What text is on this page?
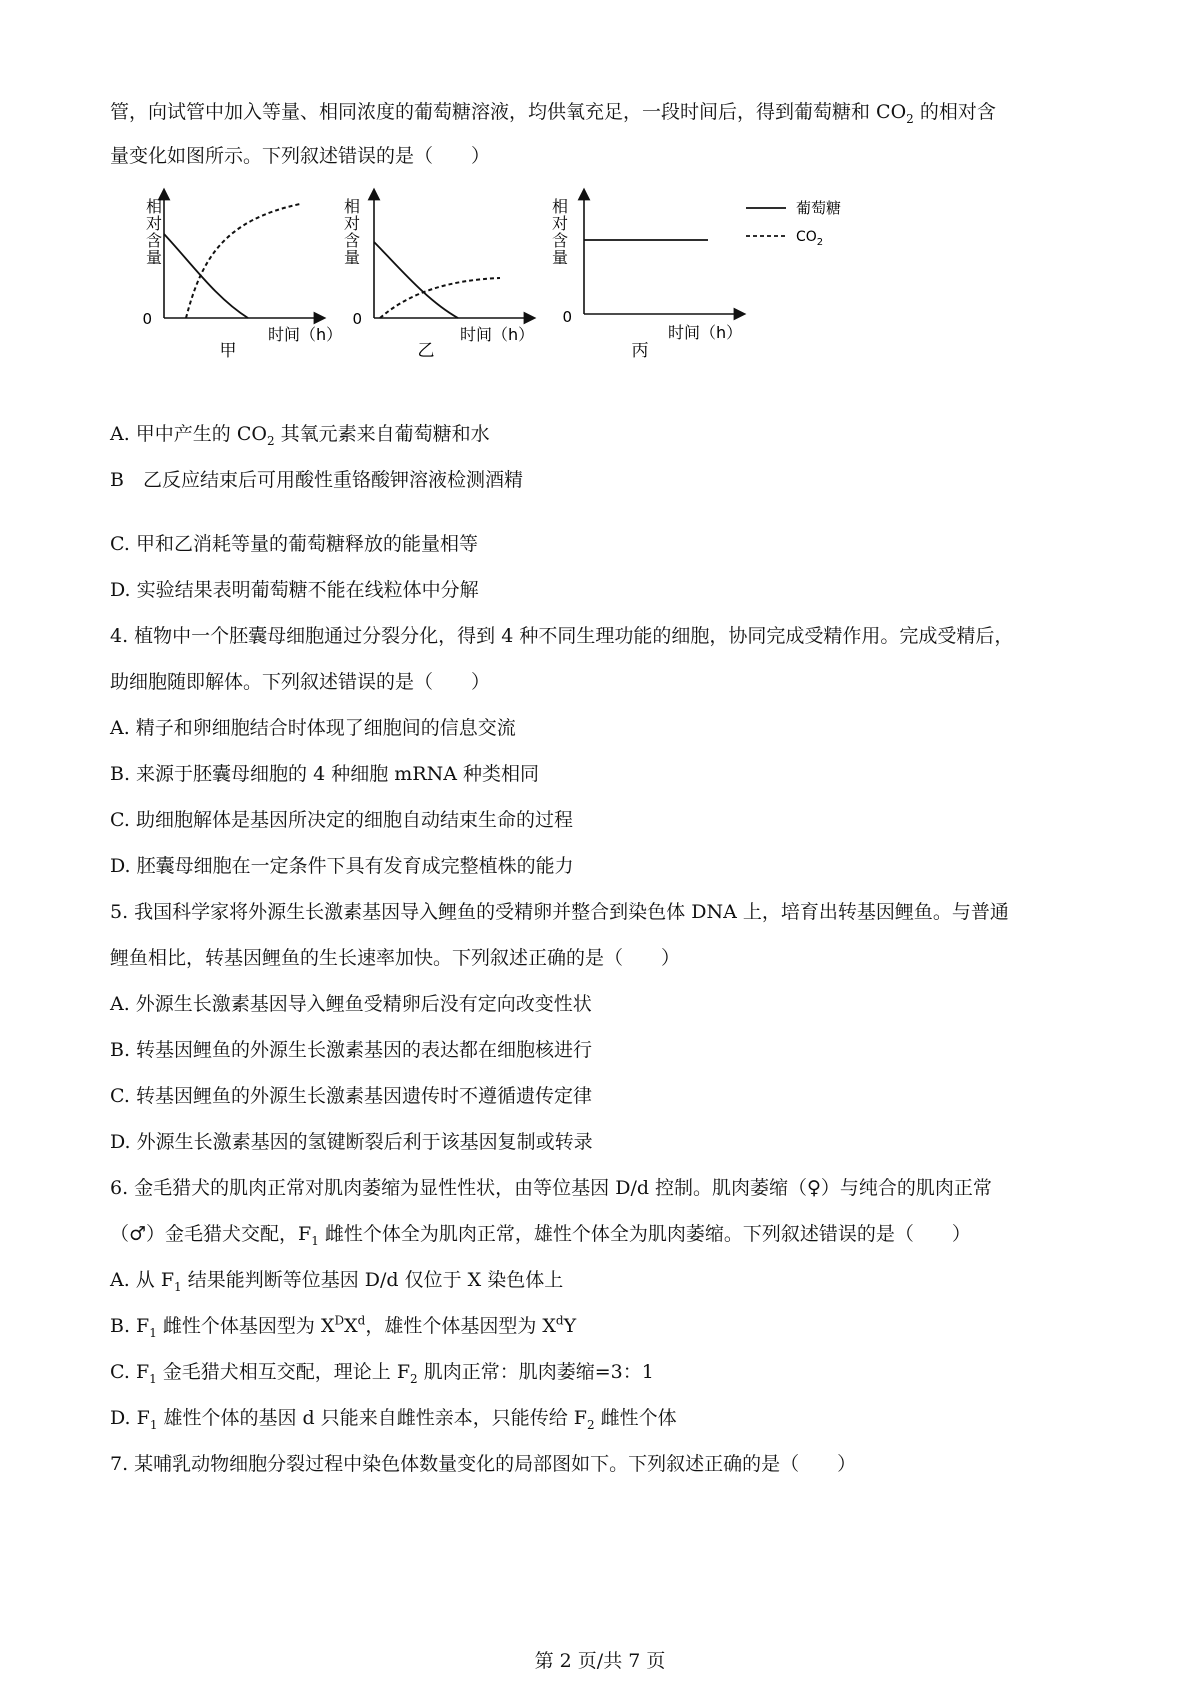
管，向试管中加入等量、相同浓度的葡萄糖溶液，均供氧充足，一段时间后，得到葡萄糖和 $CO_2$ 的相对含
量变化如图所示。下列叙述错误的是（　　）
0
时间（h）
甲
相
对
含
量
0
时间（h）
乙
相
对
含
量
0
时间（h）
丙
相
对
含
量
葡萄糖
$CO_2$
A. 甲中产生的 $CO_2$ 其氧元素来自葡萄糖和水
B　乙反应结束后可用酸性重铬酸钾溶液检测酒精
C. 甲和乙消耗等量的葡萄糖释放的能量相等
D. 实验结果表明葡萄糖不能在线粒体中分解
4. 植物中一个胚囊母细胞通过分裂分化，得到 4 种不同生理功能的细胞，协同完成受精作用。完成受精后，
助细胞随即解体。下列叙述错误的是（　　）
A. 精子和卵细胞结合时体现了细胞间的信息交流
B. 来源于胚囊母细胞的 4 种细胞 mRNA 种类相同
C. 助细胞解体是基因所决定的细胞自动结束生命的过程
D. 胚囊母细胞在一定条件下具有发育成完整植株的能力
5. 我国科学家将外源生长激素基因导入鲤鱼的受精卵并整合到染色体 DNA 上，培育出转基因鲤鱼。与普通
鲤鱼相比，转基因鲤鱼的生长速率加快。下列叙述正确的是（　　）
A. 外源生长激素基因导入鲤鱼受精卵后没有定向改变性状
B. 转基因鲤鱼的外源生长激素基因的表达都在细胞核进行
C. 转基因鲤鱼的外源生长激素基因遗传时不遵循遗传定律
D. 外源生长激素基因的氢键断裂后利于该基因复制或转录
6. 金毛猎犬的肌肉正常对肌肉萎缩为显性性状，由等位基因 D/d 控制。肌肉萎缩（♀）与纯合的肌肉正常
（♂）金毛猎犬交配，$F_1$ 雌性个体全为肌肉正常，雄性个体全为肌肉萎缩。下列叙述错误的是（　　）
A. 从 $F_1$ 结果能判断等位基因 D/d 仅位于 X 染色体上
B. $F_1$ 雌性个体基因型为 $X^DX^d$，雄性个体基因型为 $X^dY$
C. $F_1$ 金毛猎犬相互交配，理论上 $F_2$ 肌肉正常：肌肉萎缩=3：1
D. $F_1$ 雄性个体的基因 d 只能来自雌性亲本，只能传给 $F_2$ 雌性个体
7. 某哺乳动物细胞分裂过程中染色体数量变化的局部图如下。下列叙述正确的是（　　）
第 2 页/共 7 页
